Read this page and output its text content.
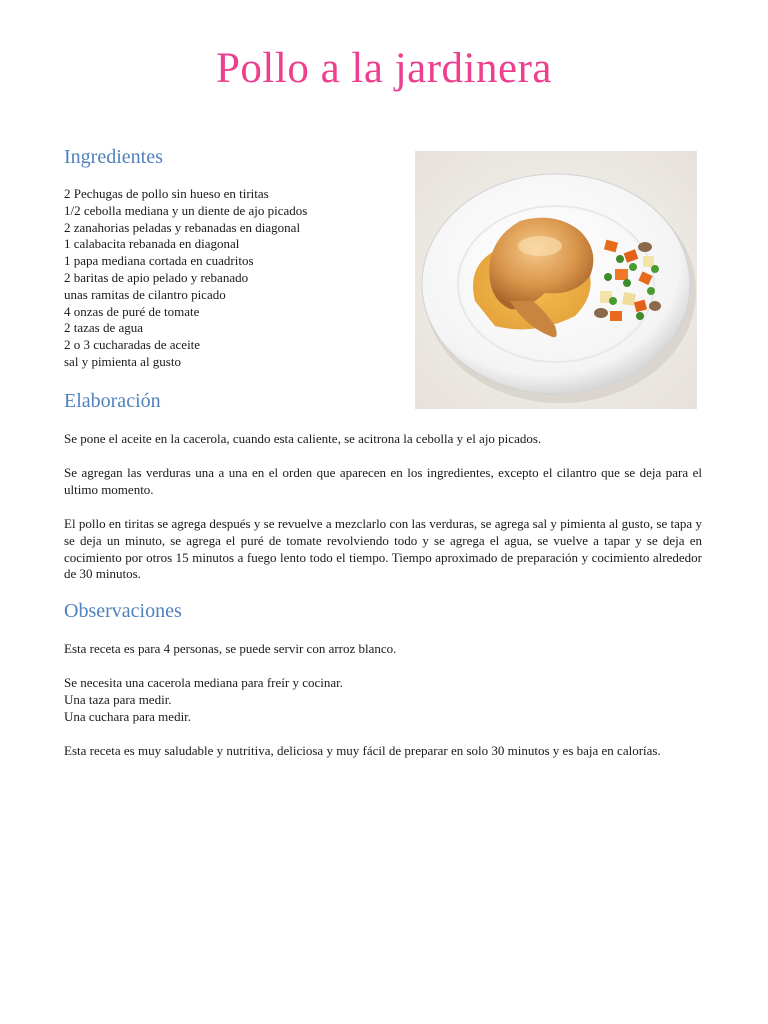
Pollo a la jardinera
Ingredientes
2 Pechugas de pollo sin hueso en tiritas
1/2 cebolla mediana y un diente de ajo picados
2 zanahorias peladas y rebanadas en diagonal
1 calabacita rebanada en diagonal
1 papa mediana cortada en cuadritos
2 baritas de apio pelado y rebanado
unas ramitas de cilantro picado
4 onzas de puré de tomate
2 tazas de agua
2 o 3 cucharadas de aceite
sal y pimienta al gusto
Elaboración

Se pone el aceite en la cacerola, cuando esta caliente, se acitrona la cebolla y el ajo picados.

Se agregan las verduras una a una en el orden que aparecen en los ingredientes, excepto el cilantro que se deja para el ultimo momento.

El pollo en tiritas se agrega después y se revuelve a mezclarlo con las verduras, se agrega sal y pimienta al gusto, se tapa y se deja un minuto, se agrega el puré de tomate revolviendo todo y se agrega el agua, se vuelve a tapar y se deja en cocimiento por otros 15 minutos a fuego lento todo el tiempo. Tiempo aproximado de preparación y cocimiento alrededor de 30 minutos.

Observaciones

Esta receta es para 4 personas, se puede servir con arroz blanco.

Se necesita una cacerola mediana para freír y cocinar.
Una taza para medir.
Una cuchara para medir.

Esta receta es muy saludable y nutritiva, deliciosa y muy fácil de preparar en solo 30 minutos y es baja en calorías.
